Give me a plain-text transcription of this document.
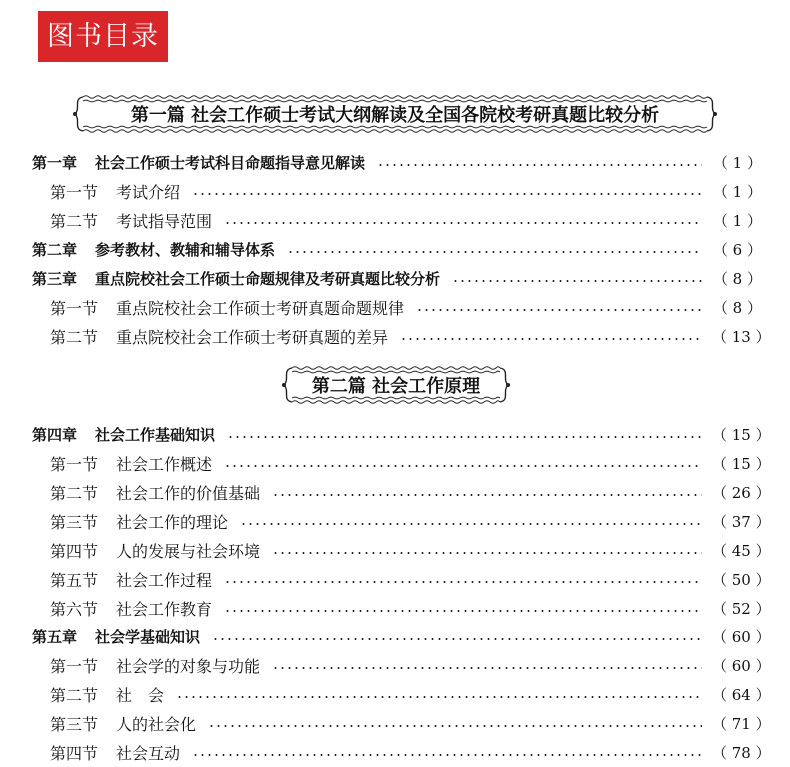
图书目录
第一篇 社会工作硕士考试大纲解读及全国各院校考研真题比较分析
第二篇 社会工作原理
第一章 社会工作硕士考试科目命题指导意见解读	（ 1 ）
第一节 考试介绍	（ 1 ）
第二节 考试指导范围	（ 1 ）
第二章 参考教材、教辅和辅导体系	（ 6 ）
第三章 重点院校社会工作硕士命题规律及考研真题比较分析	（ 8 ）
第一节 重点院校社会工作硕士考研真题命题规律	（ 8 ）
第二节 重点院校社会工作硕士考研真题的差异	（ 13 ）
第四章 社会工作基础知识	（ 15 ）
第一节 社会工作概述	（ 15 ）
第二节 社会工作的价值基础	（ 26 ）
第三节 社会工作的理论	（ 37 ）
第四节 人的发展与社会环境	（ 45 ）
第五节 社会工作过程	（ 50 ）
第六节 社会工作教育	（ 52 ）
第五章 社会学基础知识	（ 60 ）
第一节 社会学的对象与功能	（ 60 ）
第二节 社　会	（ 64 ）
第三节 人的社会化	（ 71 ）
第四节 社会互动	（ 78 ）
